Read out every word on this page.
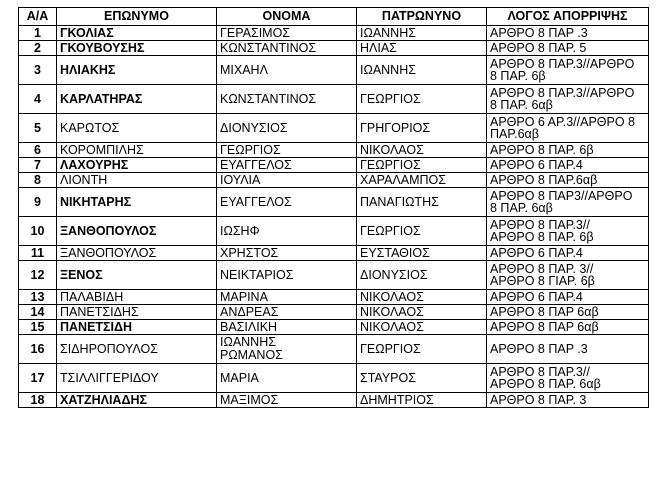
Α/Α	ΕΠΩΝΥΜΟ	ΟΝΟΜΑ	ΠΑΤΡΩΝΥΝΟ	ΛΟΓΟΣ ΑΠΟΡΡΙΨΗΣ
1	ΓΚΟΛΙΑΣ	ΓΕΡΑΣΙΜΟΣ	ΙΩΑΝΝΗΣ	ΑΡΘΡΟ 8 ΠΑΡ .3
2	ΓΚΟΥΒΟΥΣΗΣ	ΚΩΝΣΤΑΝΤΙΝΟΣ	ΗΛΙΑΣ	ΑΡΘΡΟ 8 ΠΑΡ. 5
3	ΗΛΙΑΚΗΣ	ΜΙΧΑΗΛ	ΙΩΑΝΝΗΣ	ΑΡΘΡΟ 8 ΠΑΡ.3//ΑΡΘΡΟ
8 ΠΑΡ. 6β
4	ΚΑΡΛΑΤΗΡΑΣ	ΚΩΝΣΤΑΝΤΙΝΟΣ	ΓΕΩΡΓΙΟΣ	ΑΡΘΡΟ 8 ΠΑΡ.3//ΑΡΘΡΟ
8 ΠΑΡ. 6αβ
5	ΚΑΡΩΤΟΣ	ΔΙΟΝΥΣΙΟΣ	ΓΡΗΓΟΡΙΟΣ	ΑΡΘΡΟ 6 ΑΡ.3//ΑΡΘΡΟ 8
ΠΑΡ.6αβ
6	ΚΟΡΟΜΠΙΛΗΣ	ΓΕΩΡΓΙΟΣ	ΝΙΚΟΛΑΟΣ	ΑΡΘΡΟ 8 ΠΑΡ. 6β
7	ΛΑΧΟΥΡΗΣ	ΕΥΑΓΓΕΛΟΣ	ΓΕΩΡΓΙΟΣ	ΑΡΘΡΟ 6 ΠΑΡ.4
8	ΛΙΟΝΤΗ	ΙΟΥΛΙΑ	ΧΑΡΑΛΑΜΠΟΣ	ΑΡΘΡΟ 8 ΠΑΡ.6αβ
9	ΝΙΚΗΤΑΡΗΣ	ΕΥΑΓΓΕΛΟΣ	ΠΑΝΑΓΙΩΤΗΣ	ΑΡΘΡΟ 8 ΠΑΡ3//ΑΡΘΡΟ
8 ΠΑΡ. 6αβ
10	ΞΑΝΘΟΠΟΥΛΟΣ	ΙΩΣΗΦ	ΓΕΩΡΓΙΟΣ	ΑΡΘΡΟ 8 ΠΑΡ.3//
ΑΡΘΡΟ 8 ΠΑΡ. 6β
11	ΞΑΝΘΟΠΟΥΛΟΣ	ΧΡΗΣΤΟΣ	ΕΥΣΤΑΘΙΟΣ	ΑΡΘΡΟ 6 ΠΑΡ.4
12	ΞΕΝΟΣ	ΝΕΙΚΤΑΡΙΟΣ	ΔΙΟΝΥΣΙΟΣ	ΑΡΘΡΟ 8 ΠΑΡ. 3//
ΑΡΘΡΟ 8 ΓΙΑΡ. 6β
13	ΠΑΛΑΒΙΔΗ	ΜΑΡΙΝΑ	ΝΙΚΟΛΑΟΣ	ΑΡΘΡΟ 6 ΠΑΡ.4
14	ΠΑΝΕΤΣΙΔΗΣ	ΑΝΔΡΕΑΣ	ΝΙΚΟΛΑΟΣ	ΑΡΘΡΟ 8 ΠΑΡ 6αβ
15	ΠΑΝΕΤΣΙΔΗ	ΒΑΣΙΛΙΚΗ	ΝΙΚΟΛΑΟΣ	ΑΡΘΡΟ 8 ΠΑΡ 6αβ
16	ΣΙΔΗΡΟΠΟΥΛΟΣ	ΙΩΑΝΝΗΣ
ΡΩΜΑΝΟΣ	ΓΕΩΡΓΙΟΣ	ΑΡΘΡΟ 8 ΠΑΡ .3
17	ΤΣΙΛΛΙΓΓΕΡΙΔΟΥ	ΜΑΡΙΑ	ΣΤΑΥΡΟΣ	ΑΡΘΡΟ 8 ΠΑΡ.3//
ΑΡΘΡΟ 8 ΠΑΡ. 6αβ
18	ΧΑΤΖΗΛΙΑΔΗΣ	ΜΑΞΙΜΟΣ	ΔΗΜΗΤΡΙΟΣ	ΑΡΘΡΟ 8 ΠΑΡ. 3
